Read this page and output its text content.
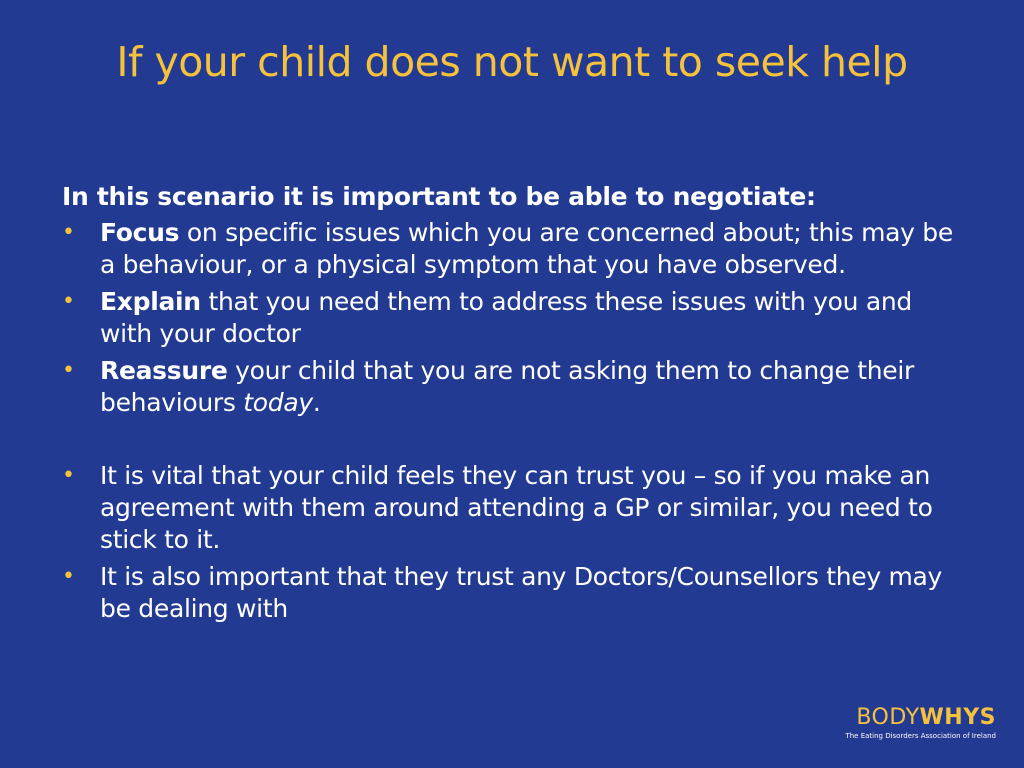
If your child does not want to seek help
In this scenario it is important to be able to negotiate:
• Focus on specific issues which you are concerned about; this may be a behaviour, or a physical symptom that you have observed.
• Explain that you need them to address these issues with you and with your doctor
• Reassure your child that you are not asking them to change their behaviours today.
• It is vital that your child feels they can trust you – so if you make an agreement with them around attending a GP or similar, you need to stick to it.
• It is also important that they trust any Doctors/Counsellors they may be dealing with
BODYWHYS
The Eating Disorders Association of Ireland
